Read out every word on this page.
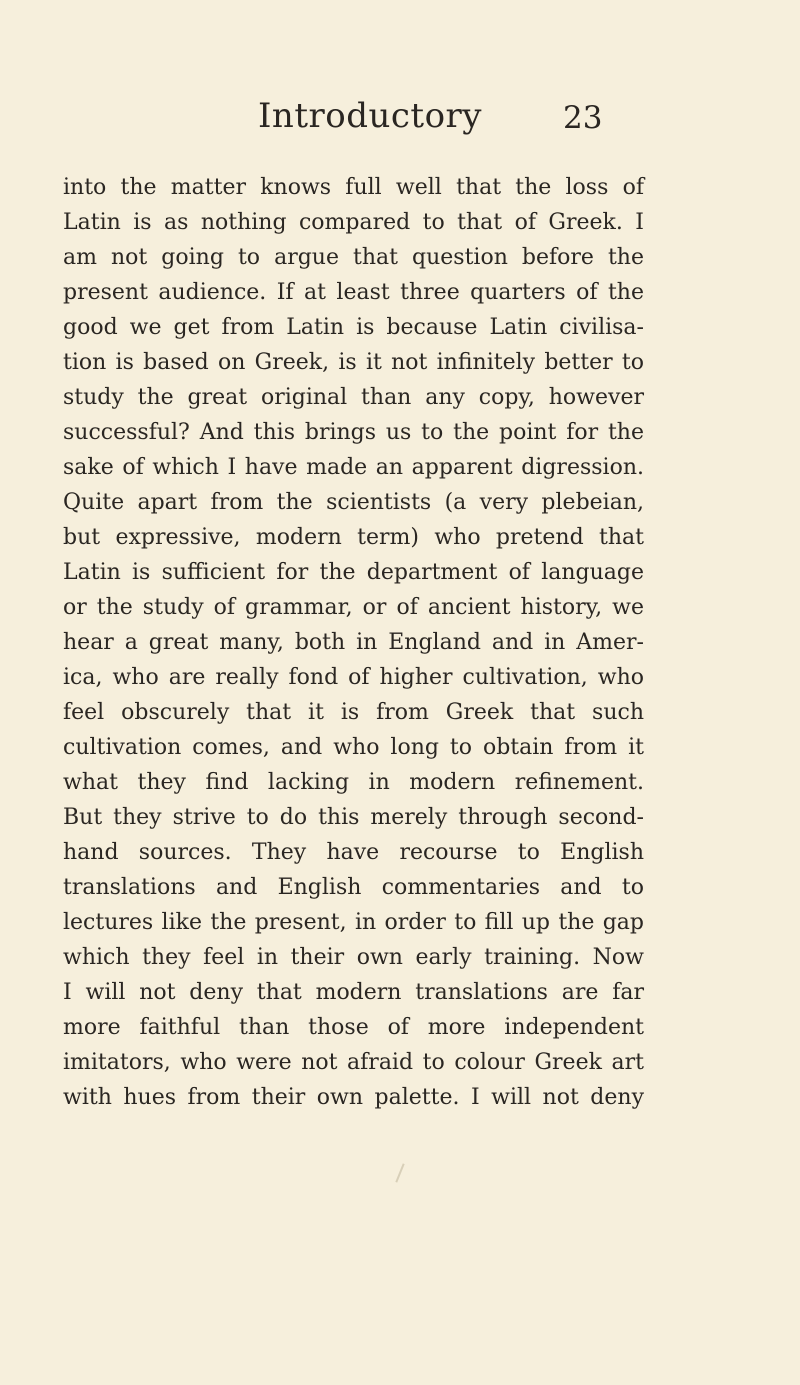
Introductory	23
into the matter knows full well that the loss of
Latin is as nothing compared to that of Greek. I
am not going to argue that question before the
present audience. If at least three quarters of the
good we get from Latin is because Latin civilisa-
tion is based on Greek, is it not infinitely better to
study the great original than any copy, however
successful? And this brings us to the point for the
sake of which I have made an apparent digression.
Quite apart from the scientists (a very plebeian,
but expressive, modern term) who pretend that
Latin is sufficient for the department of language
or the study of grammar, or of ancient history, we
hear a great many, both in England and in Amer-
ica, who are really fond of higher cultivation, who
feel obscurely that it is from Greek that such
cultivation comes, and who long to obtain from it
what they find lacking in modern refinement.
But they strive to do this merely through second-
hand sources. They have recourse to English
translations and English commentaries and to
lectures like the present, in order to fill up the gap
which they feel in their own early training. Now
I will not deny that modern translations are far
more faithful than those of more independent
imitators, who were not afraid to colour Greek art
with hues from their own palette. I will not deny
